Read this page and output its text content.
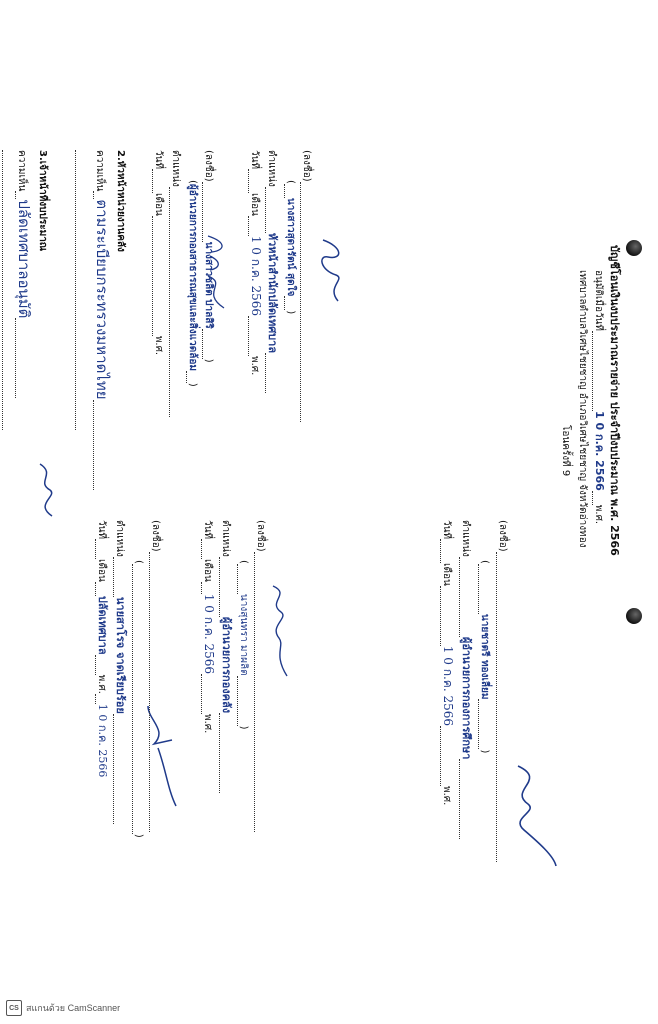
บัญชีโอนเงินงบประมาณรายจ่าย ประจำปีงบประมาณ พ.ศ. 2566
อนุมัติเมื่อวันที่1 0 ก.ค. 2566พ.ศ.
เทศบาลตำบลวิเศษไชยชาญ อำเภอวิเศษไชยชาญ จังหวัดอ่างทอง
โอนครั้งที่ 9
(ลงชื่อ)
(นางสาวสุดารัตน์ สุดใจ)
ตำแหน่งหัวหน้าสำนักปลัดเทศบาล
วันที่เดือน1 0 ก.ค. 2566พ.ศ.
(ลงชื่อ)นางสาวชลิต ปาลสิริ)
(ผู้อำนวยการกองสาธารณสุขและสิ่งแวดล้อม)
ตำแหน่ง
วันที่เดือนพ.ศ.
2.หัวหน้าหน่วยงานคลัง
ความเห็นตามระเบียบกระทรวงมหาดไทย
3.เจ้าหน้าที่งบประมาณ
ความเห็นปลัดเทศบาลอนุมัติ
(ลงชื่อ)
(นายชาตรี ทองเลี่ยม)
ตำแหน่งผู้อำนวยการกองการศึกษา
วันที่เดือน1 0 ก.ค. 2566พ.ศ.
(ลงชื่อ)
(นางสุนทรา มาผลิต)
ตำแหน่งผู้อำนวยการกองคลัง
วันที่เดือน1 0 ก.ค. 2566พ.ศ.
(ลงชื่อ)
()
ตำแหน่งนายสาโรจ จาดเรียบร้อย
วันที่เดือนปลัดเทศบาลพ.ศ.1 0 ก.ค. 2566
CS สแกนด้วย CamScanner
